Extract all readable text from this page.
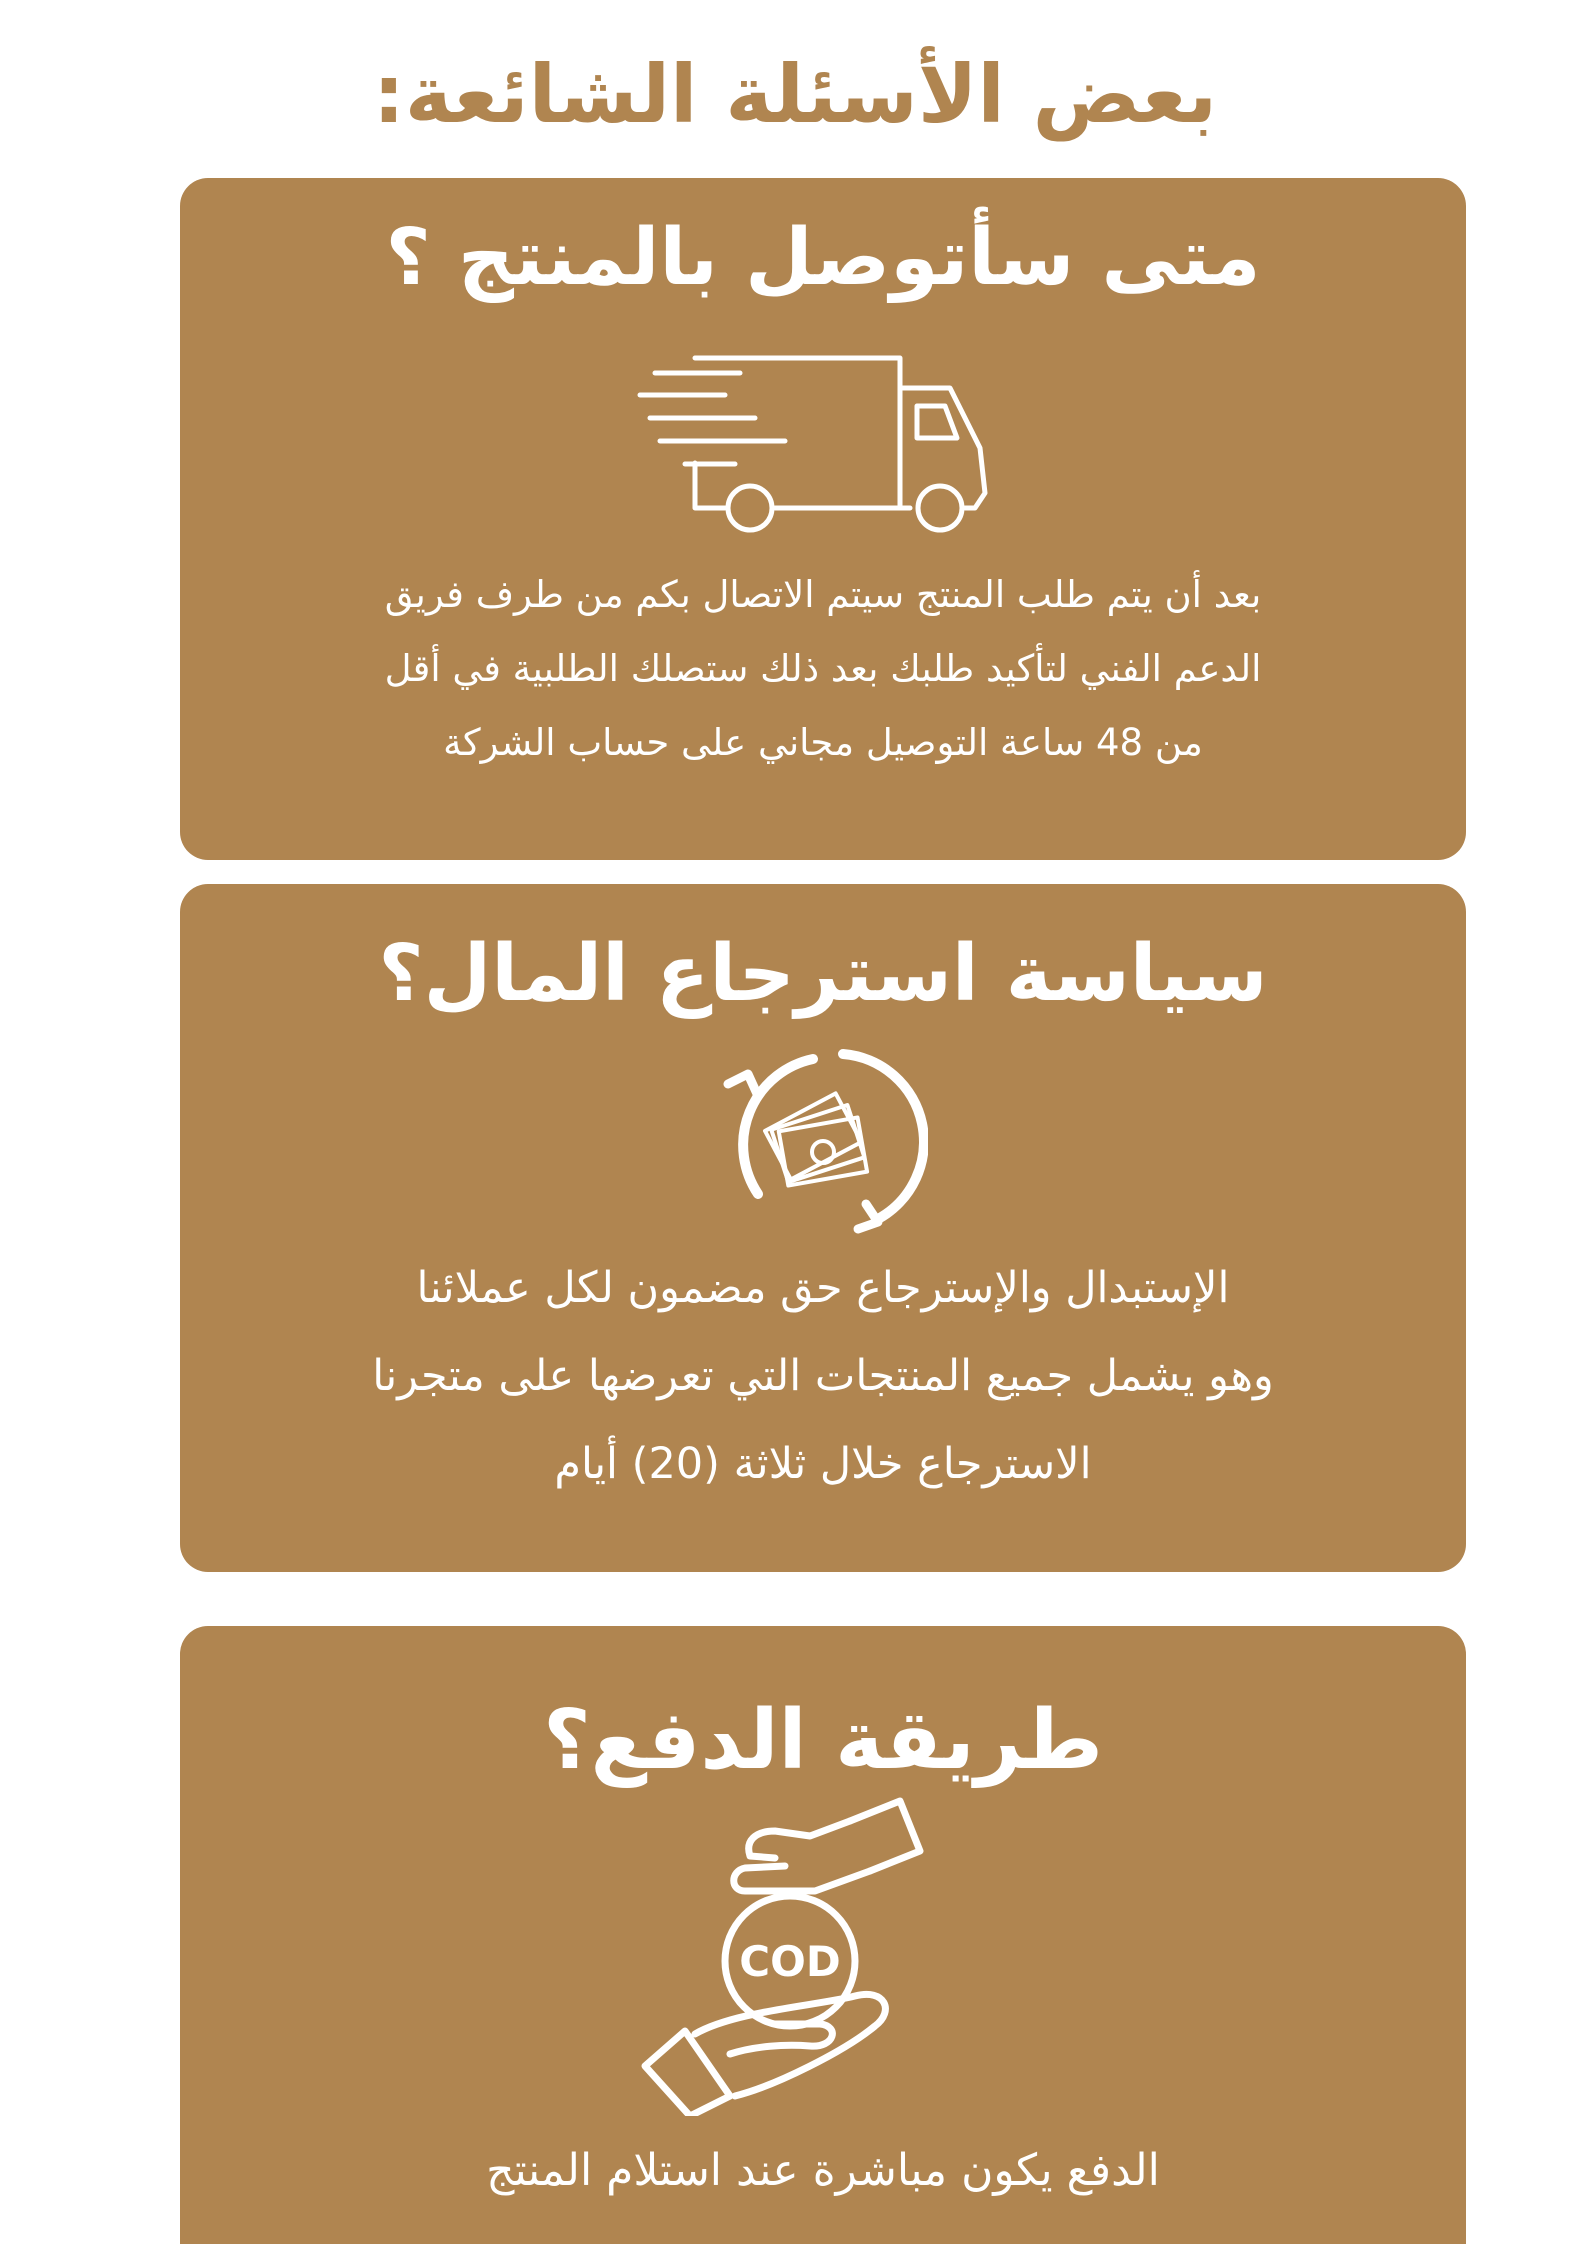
بعض الأسئلة الشائعة:
متى سأتوصل بالمنتج ؟

بعد أن يتم طلب المنتج سيتم الاتصال بكم من طرف فريق

الدعم الفني لتأكيد طلبك بعد ذلك ستصلك الطلبية في أقل

من 48 ساعة التوصيل مجاني على حساب الشركة

سياسة استرجاع المال؟

الإستبدال والإسترجاع حق مضمون لكل عملائنا

وهو يشمل جميع المنتجات التي تعرضها على متجرنا

الاسترجاع خلال ثلاثة (20) أيام

طريقة الدفع؟
COD

الدفع يكون مباشرة عند استلام المنتج
